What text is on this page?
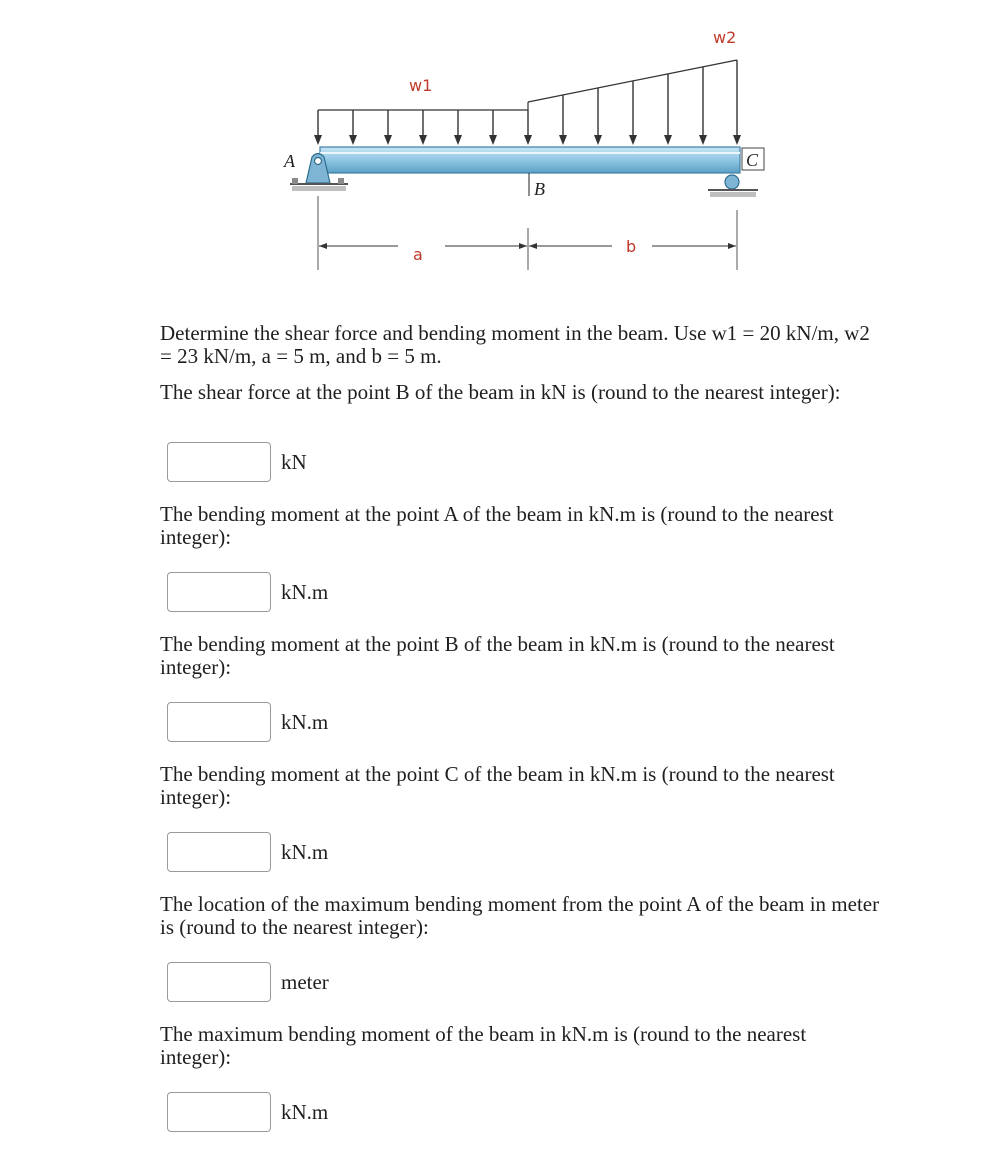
A
B
C
w1
w2
a	b

Determine the shear force and bending moment in the beam. Use w1 = 20 kN/m, w2 = 23 kN/m, a = 5 m, and b = 5 m.

The shear force at the point B of the beam in kN is (round to the nearest integer):

kN

The bending moment at the point A of the beam in kN.m is (round to the nearest integer):

kN.m

The bending moment at the point B of the beam in kN.m is (round to the nearest integer):

kN.m

The bending moment at the point C of the beam in kN.m is (round to the nearest integer):

kN.m

The location of the maximum bending moment from the point A of the beam in meter is (round to the nearest integer):

meter

The maximum bending moment of the beam in kN.m is (round to the nearest integer):

kN.m
